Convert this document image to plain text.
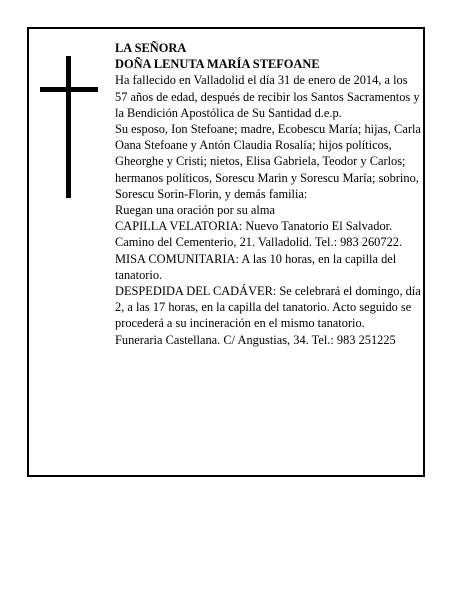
LA SEÑORA

DOÑA LENUTA MARÍA STEFOANE

Ha fallecido en Valladolid el día 31 de enero de 2014, a los 57 años de edad, después de recibir los Santos Sacramentos y la Bendición Apostólica de Su Santidad d.e.p.

Su esposo, Ion Stefoane; madre, Ecobescu María; hijas, Carla Oana Stefoane y Antón Claudia Rosalía; hijos políticos, Gheorghe y Cristi; nietos, Elisa Gabriela, Teodor y Carlos; hermanos políticos, Sorescu Marin y Sorescu María; sobrino, Sorescu Sorin-Florin, y demás familia:

Ruegan una oración por su alma

CAPILLA VELATORIA: Nuevo Tanatorio El Salvador. Camino del Cementerio, 21. Valladolid. Tel.: 983 260722. MISA COMUNITARIA: A las 10 horas, en la capilla del tanatorio.

DESPEDIDA DEL CADÁVER: Se celebrará el domingo, día 2, a las 17 horas, en la capilla del tanatorio. Acto seguido se procederá a su incineración en el mismo tanatorio.

Funeraria Castellana. C/ Angustias, 34. Tel.: 983 251225
